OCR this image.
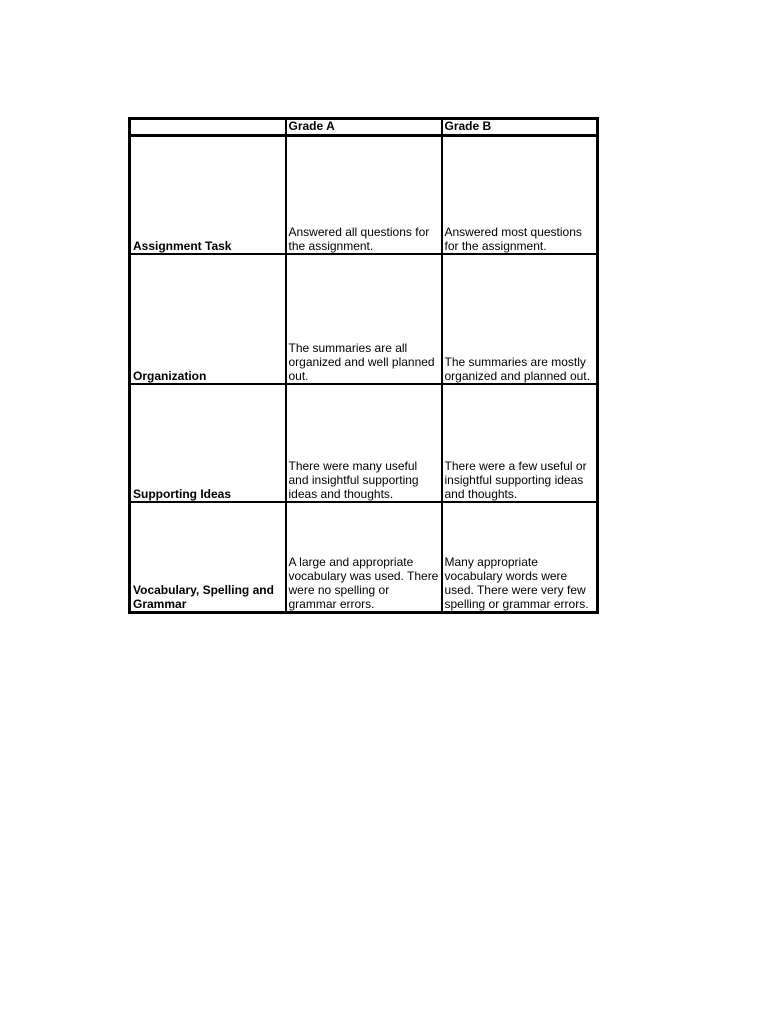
	Grade A	Grade B
Assignment Task	Answered all questions for the assignment.	Answered most questions for the assignment.
Organization	The summaries are all organized and well planned out.	The summaries are mostly organized and planned out.
Supporting Ideas	There were many useful and insightful supporting ideas and thoughts.	There were a few useful or insightful supporting ideas and thoughts.
Vocabulary, Spelling and Grammar	A large and appropriate vocabulary was used. There were no spelling or grammar errors.	Many appropriate vocabulary words were used. There were very few spelling or grammar errors.
